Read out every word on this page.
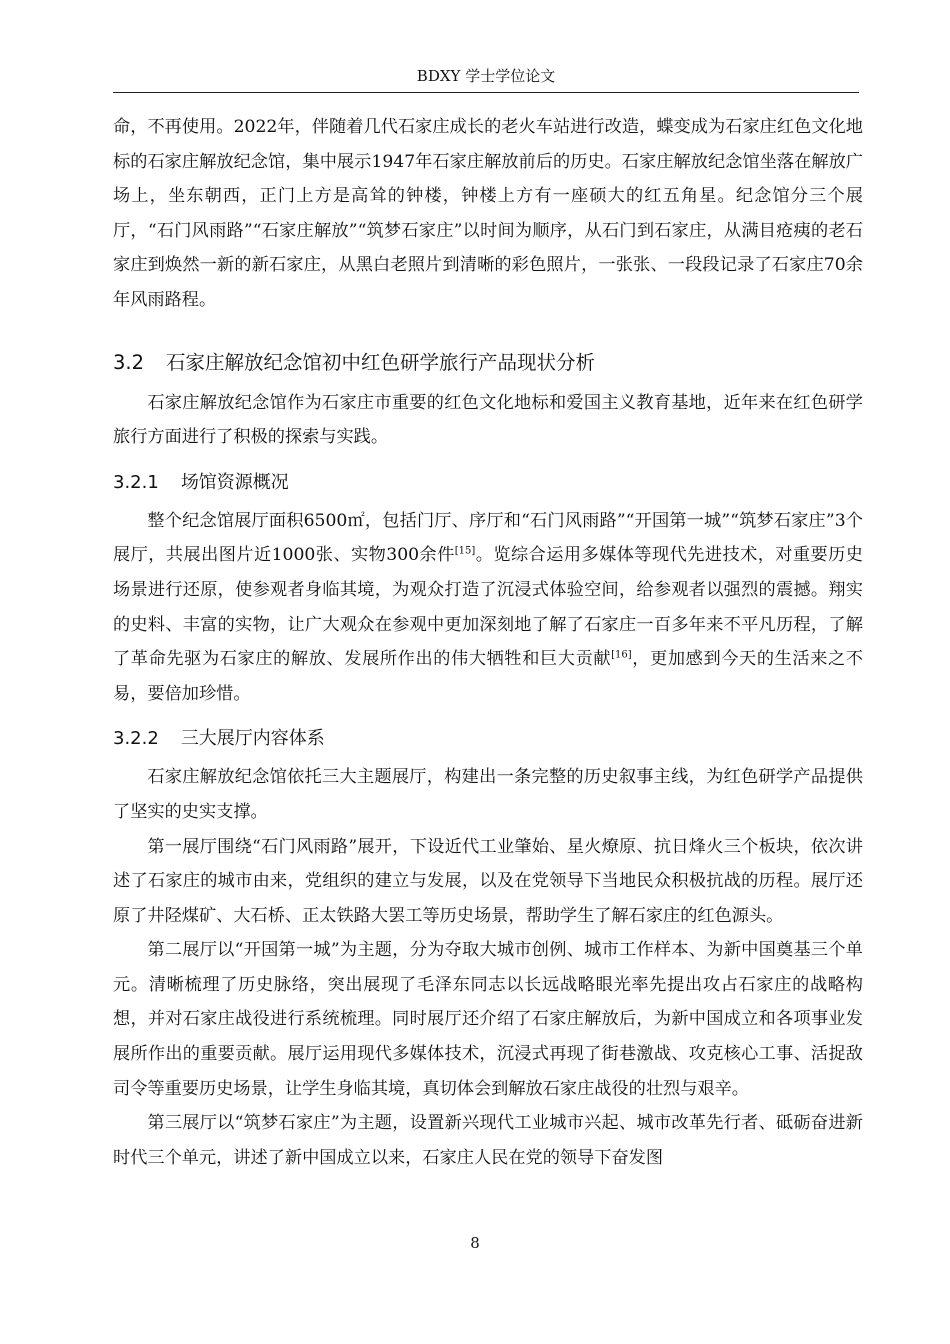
BDXY 学士学位论文

命，不再使用。2022年，伴随着几代石家庄成长的老火车站进行改造，蝶变成为石家庄红色文化地标的石家庄解放纪念馆，集中展示1947年石家庄解放前后的历史。石家庄解放纪念馆坐落在解放广场上，坐东朝西，正门上方是高耸的钟楼，钟楼上方有一座硕大的红五角星。纪念馆分三个展厅，“石门风雨路”“石家庄解放”“筑梦石家庄”以时间为顺序，从石门到石家庄，从满目疮痍的老石家庄到焕然一新的新石家庄，从黑白老照片到清晰的彩色照片，一张张、一段段记录了石家庄70余年风雨路程。

3.2 石家庄解放纪念馆初中红色研学旅行产品现状分析

石家庄解放纪念馆作为石家庄市重要的红色文化地标和爱国主义教育基地，近年来在红色研学旅行方面进行了积极的探索与实践。

3.2.1 场馆资源概况

整个纪念馆展厅面积6500㎡，包括门厅、序厅和“石门风雨路”“开国第一城”“筑梦石家庄”3个展厅，共展出图片近1000张、实物300余件[15]。览综合运用多媒体等现代先进技术，对重要历史场景进行还原，使参观者身临其境，为观众打造了沉浸式体验空间，给参观者以强烈的震撼。翔实的史料、丰富的实物，让广大观众在参观中更加深刻地了解了石家庄一百多年来不平凡历程，了解了革命先驱为石家庄的解放、发展所作出的伟大牺牲和巨大贡献[16]，更加感到今天的生活来之不易，要倍加珍惜。

3.2.2 三大展厅内容体系

石家庄解放纪念馆依托三大主题展厅，构建出一条完整的历史叙事主线，为红色研学产品提供了坚实的史实支撑。

第一展厅围绕“石门风雨路”展开，下设近代工业肇始、星火燎原、抗日烽火三个板块，依次讲述了石家庄的城市由来，党组织的建立与发展，以及在党领导下当地民众积极抗战的历程。展厅还原了井陉煤矿、大石桥、正太铁路大罢工等历史场景，帮助学生了解石家庄的红色源头。

第二展厅以“开国第一城”为主题，分为夺取大城市创例、城市工作样本、为新中国奠基三个单元。清晰梳理了历史脉络，突出展现了毛泽东同志以长远战略眼光率先提出攻占石家庄的战略构想，并对石家庄战役进行系统梳理。同时展厅还介绍了石家庄解放后，为新中国成立和各项事业发展所作出的重要贡献。展厅运用现代多媒体技术，沉浸式再现了街巷激战、攻克核心工事、活捉敌司令等重要历史场景，让学生身临其境，真切体会到解放石家庄战役的壮烈与艰辛。

第三展厅以“筑梦石家庄”为主题，设置新兴现代工业城市兴起、城市改革先行者、砥砺奋进新时代三个单元，讲述了新中国成立以来，石家庄人民在党的领导下奋发图

8
